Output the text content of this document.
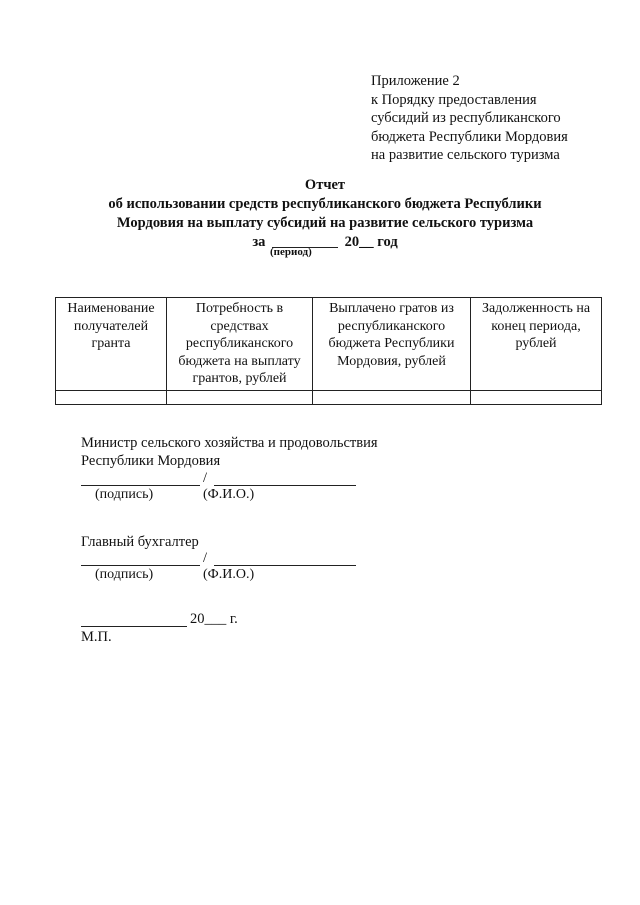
Приложение 2
к Порядку предоставления
субсидий из республиканского
бюджета Республики Мордовия
на развитие сельского туризма
Отчет
об использовании средств республиканского бюджета Республики
Мордовия на выплату субсидий на развитие сельского туризма
за	20__ год
(период)
Наименование получателей гранта	Потребность в средствах республиканского бюджета на выплату грантов, рублей	Выплачено гратов из республиканского бюджета Республики Мордовия, рублей	Задолженность на конец периода, рублей

Министр сельского хозяйства и продовольствия
Республики Мордовия
/
(подпись)	(Ф.И.О.)
Главный бухгалтер
/
(подпись)	(Ф.И.О.)
20___ г.
М.П.
